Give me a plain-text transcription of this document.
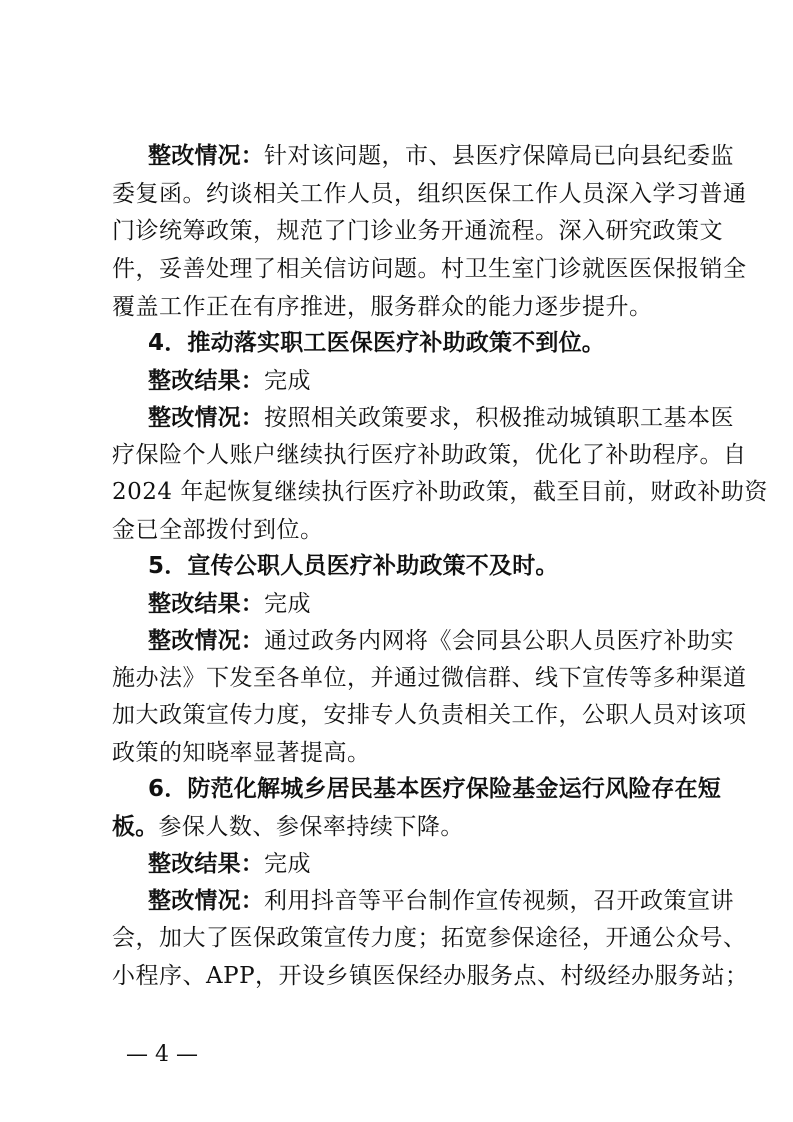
整改情况：针对该问题，市、县医疗保障局已向县纪委监
委复函。约谈相关工作人员，组织医保工作人员深入学习普通
门诊统筹政策，规范了门诊业务开通流程。深入研究政策文
件，妥善处理了相关信访问题。村卫生室门诊就医医保报销全
覆盖工作正在有序推进，服务群众的能力逐步提升。
4．推动落实职工医保医疗补助政策不到位。
整改结果：完成
整改情况：按照相关政策要求，积极推动城镇职工基本医
疗保险个人账户继续执行医疗补助政策，优化了补助程序。自
2024 年起恢复继续执行医疗补助政策，截至目前，财政补助资
金已全部拨付到位。
5．宣传公职人员医疗补助政策不及时。
整改结果：完成
整改情况：通过政务内网将《会同县公职人员医疗补助实
施办法》下发至各单位，并通过微信群、线下宣传等多种渠道
加大政策宣传力度，安排专人负责相关工作，公职人员对该项
政策的知晓率显著提高。
6．防范化解城乡居民基本医疗保险基金运行风险存在短
板。参保人数、参保率持续下降。
整改结果：完成
整改情况：利用抖音等平台制作宣传视频，召开政策宣讲
会，加大了医保政策宣传力度；拓宽参保途径，开通公众号、
小程序、APP，开设乡镇医保经办服务点、村级经办服务站；
— 4 —
